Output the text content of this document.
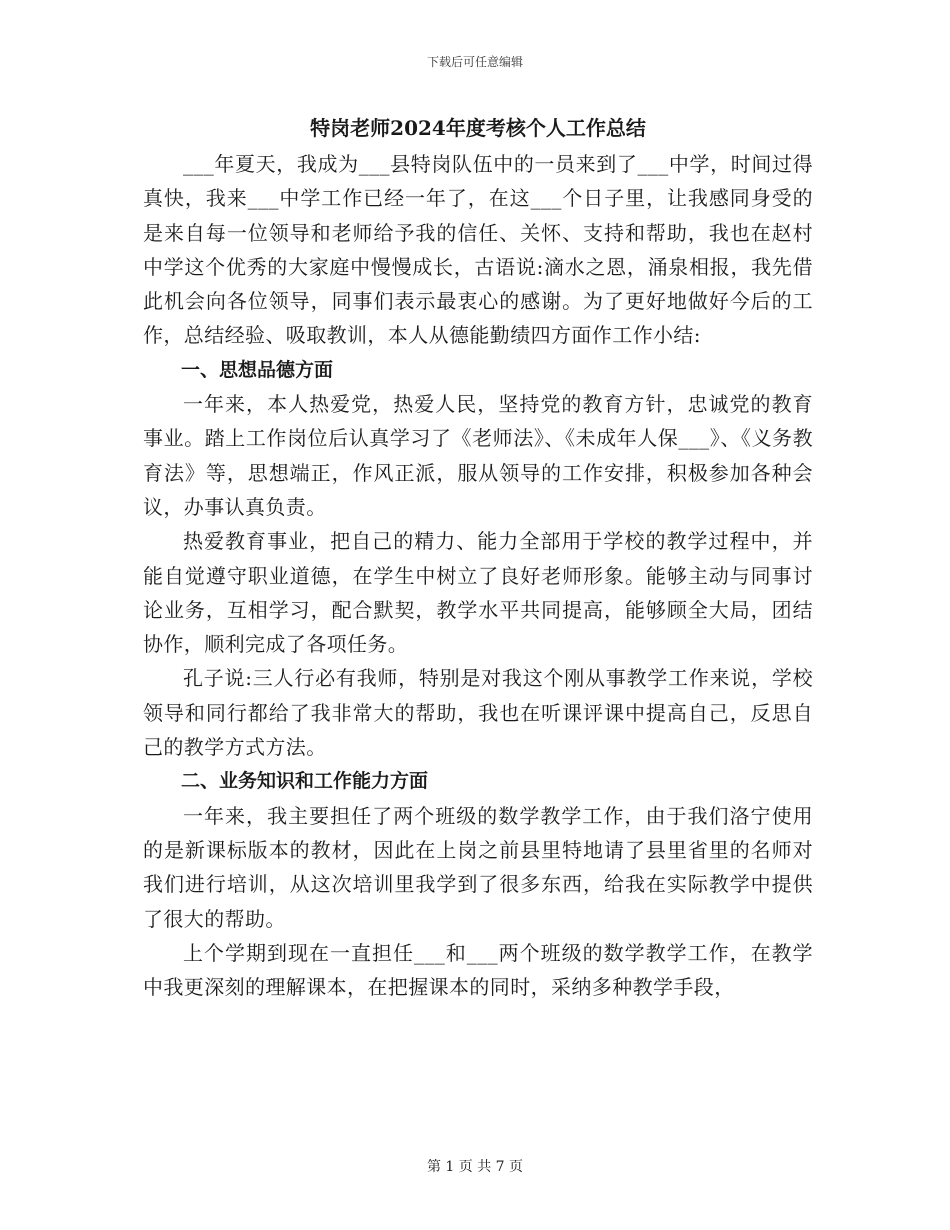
下载后可任意编辑
特岗老师2024年度考核个人工作总结

___年夏天，我成为___县特岗队伍中的一员来到了___中学，时间过得真快，我来___中学工作已经一年了，在这___个日子里，让我感同身受的是来自每一位领导和老师给予我的信任、关怀、支持和帮助，我也在赵村中学这个优秀的大家庭中慢慢成长，古语说:滴水之恩，涌泉相报，我先借此机会向各位领导，同事们表示最衷心的感谢。为了更好地做好今后的工作，总结经验、吸取教训，本人从德能勤绩四方面作工作小结:

一、思想品德方面

一年来，本人热爱党，热爱人民，坚持党的教育方针，忠诚党的教育事业。踏上工作岗位后认真学习了《老师法》、《未成年人保___》、《义务教育法》等，思想端正，作风正派，服从领导的工作安排，积极参加各种会议，办事认真负责。

热爱教育事业，把自己的精力、能力全部用于学校的教学过程中，并能自觉遵守职业道德，在学生中树立了良好老师形象。能够主动与同事讨论业务，互相学习，配合默契，教学水平共同提高，能够顾全大局，团结协作，顺利完成了各项任务。

孔子说:三人行必有我师，特别是对我这个刚从事教学工作来说，学校领导和同行都给了我非常大的帮助，我也在听课评课中提高自己，反思自己的教学方式方法。

二、业务知识和工作能力方面

一年来，我主要担任了两个班级的数学教学工作，由于我们洛宁使用的是新课标版本的教材，因此在上岗之前县里特地请了县里省里的名师对我们进行培训，从这次培训里我学到了很多东西，给我在实际教学中提供了很大的帮助。

上个学期到现在一直担任___和___两个班级的数学教学工作，在教学中我更深刻的理解课本，在把握课本的同时，采纳多种教学手段，

第 1 页 共 7 页
